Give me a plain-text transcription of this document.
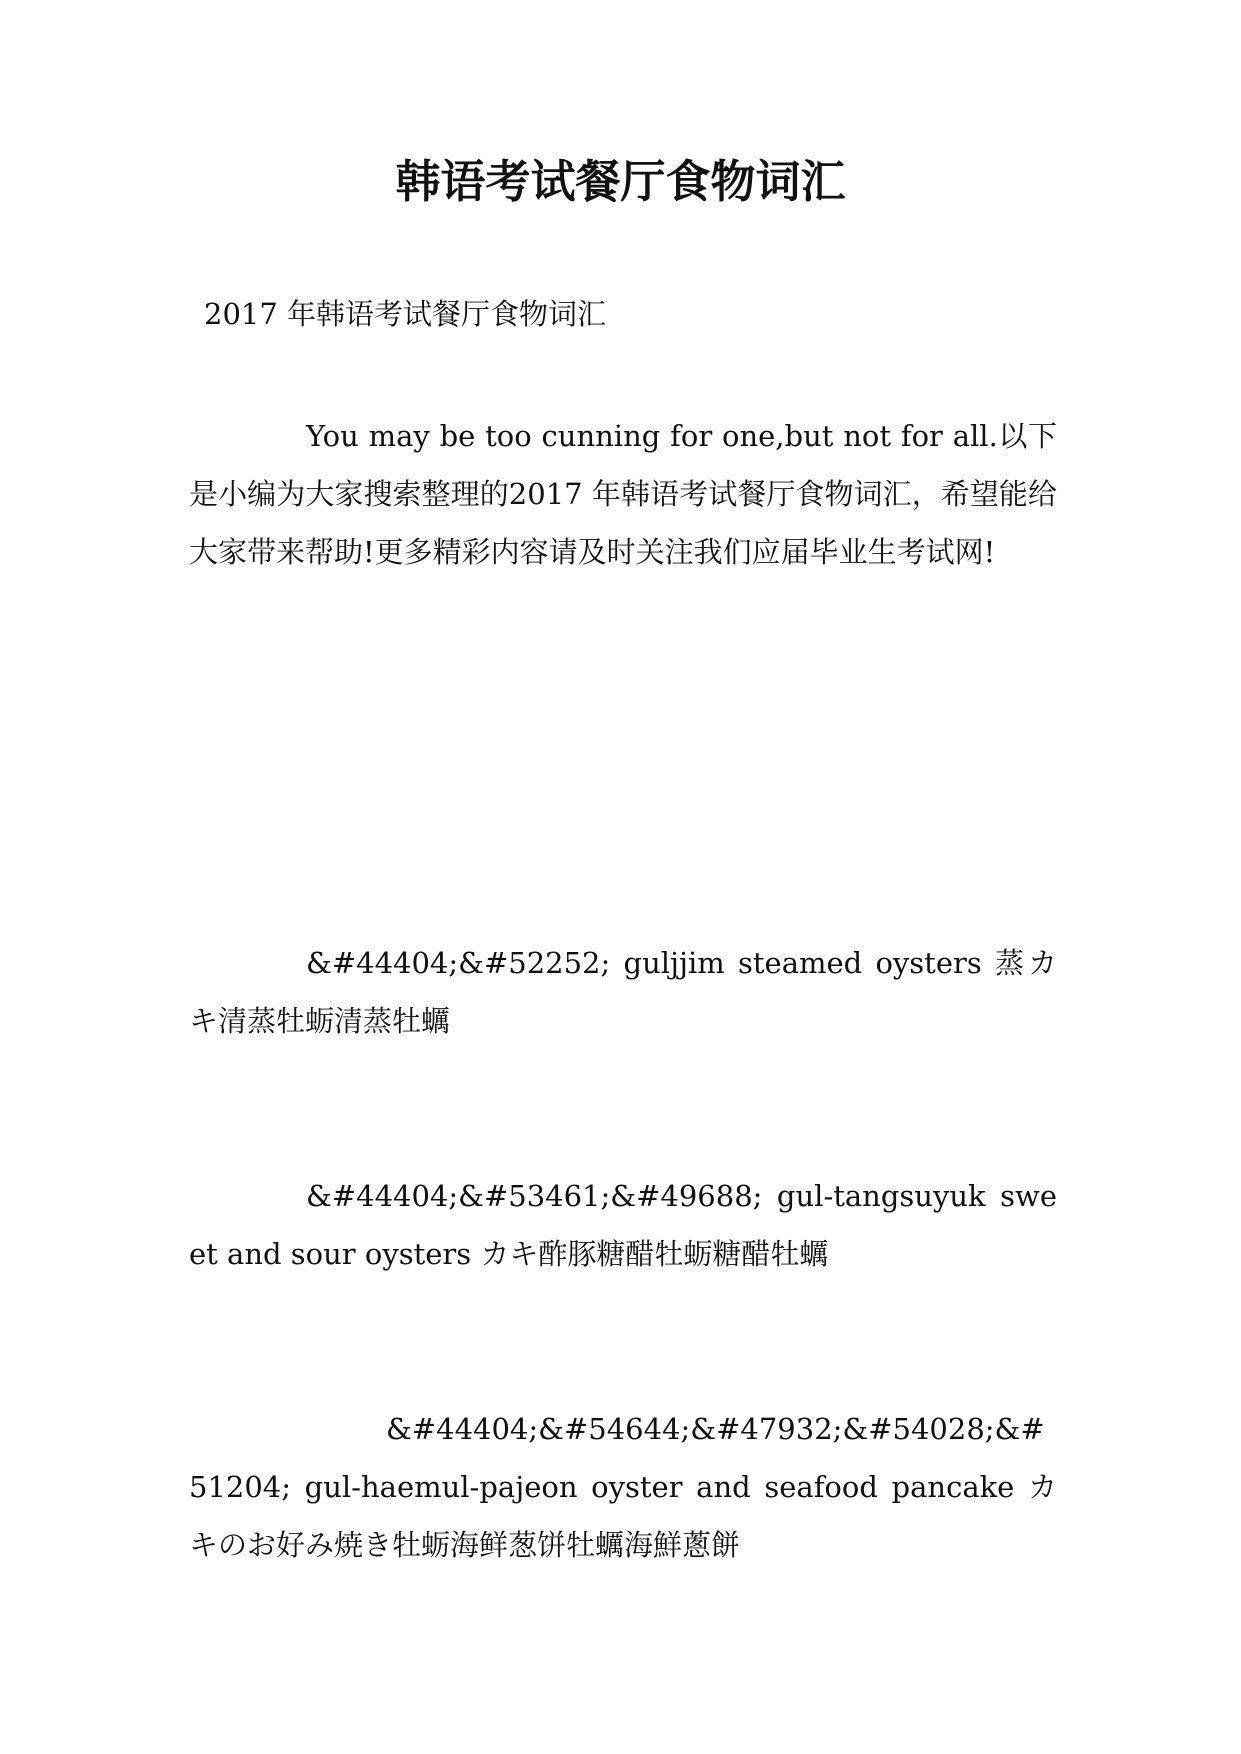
韩语考试餐厅食物词汇

2017 年韩语考试餐厅食物词汇

You may be too cunning for one,but not for all.以下是小编为大家搜索整理的2017 年韩语考试餐厅食物词汇，希望能给大家带来帮助!更多精彩内容请及时关注我们应届毕业生考试网!

&#44404;&#52252; guljjim steamed oysters 蒸カキ清蒸牡蛎清蒸牡蠣

&#44404;&#53461;&#49688; gul-tangsuyuk sweet and sour oysters カキ酢豚糖醋牡蛎糖醋牡蠣

&#44404;&#54644;&#47932;&#54028;&#51204; gul-haemul-pajeon oyster and seafood pancake カキのお好み焼き牡蛎海鲜葱饼牡蠣海鮮蔥餅
